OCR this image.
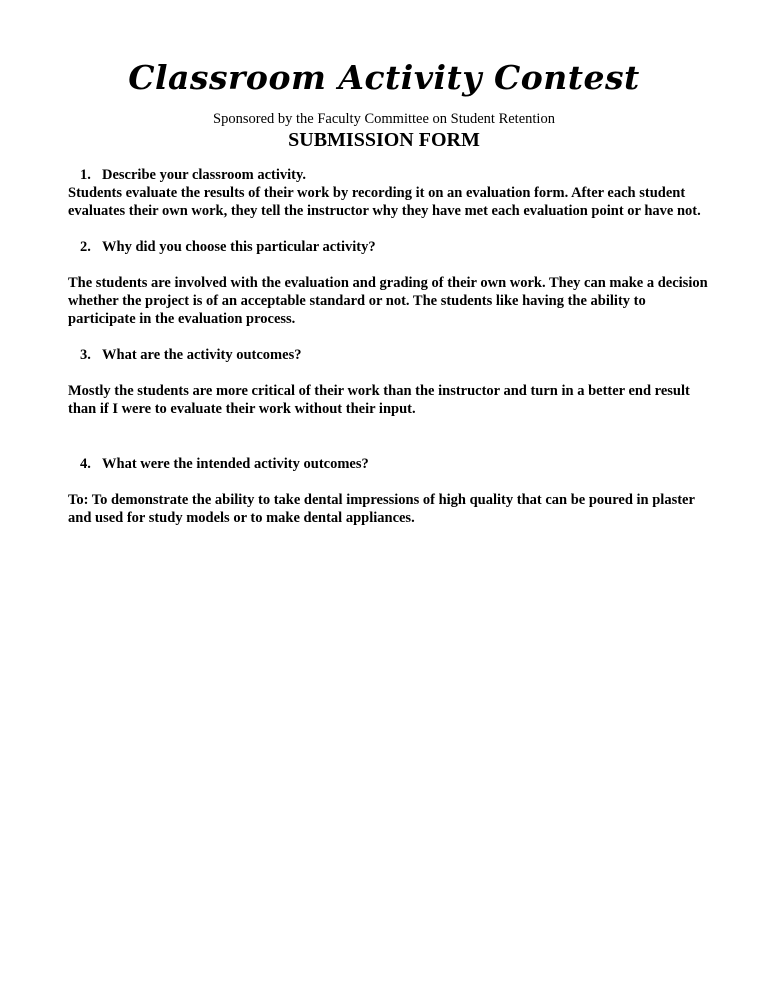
Classroom Activity Contest
Sponsored by the Faculty Committee on Student Retention
SUBMISSION FORM
1. Describe your classroom activity.

Students evaluate the results of their work by recording it on an evaluation form. After each student evaluates their own work, they tell the instructor why they have met each evaluation point or have not.

2. Why did you choose this particular activity?

The students are involved with the evaluation and grading of their own work. They can make a decision whether the project is of an acceptable standard or not. The students like having the ability to participate in the evaluation process.

3. What are the activity outcomes?

Mostly the students are more critical of their work than the instructor and turn in a better end result than if I were to evaluate their work without their input.

4. What were the intended activity outcomes?

To: To demonstrate the ability to take dental impressions of high quality that can be poured in plaster and used for study models or to make dental appliances.
